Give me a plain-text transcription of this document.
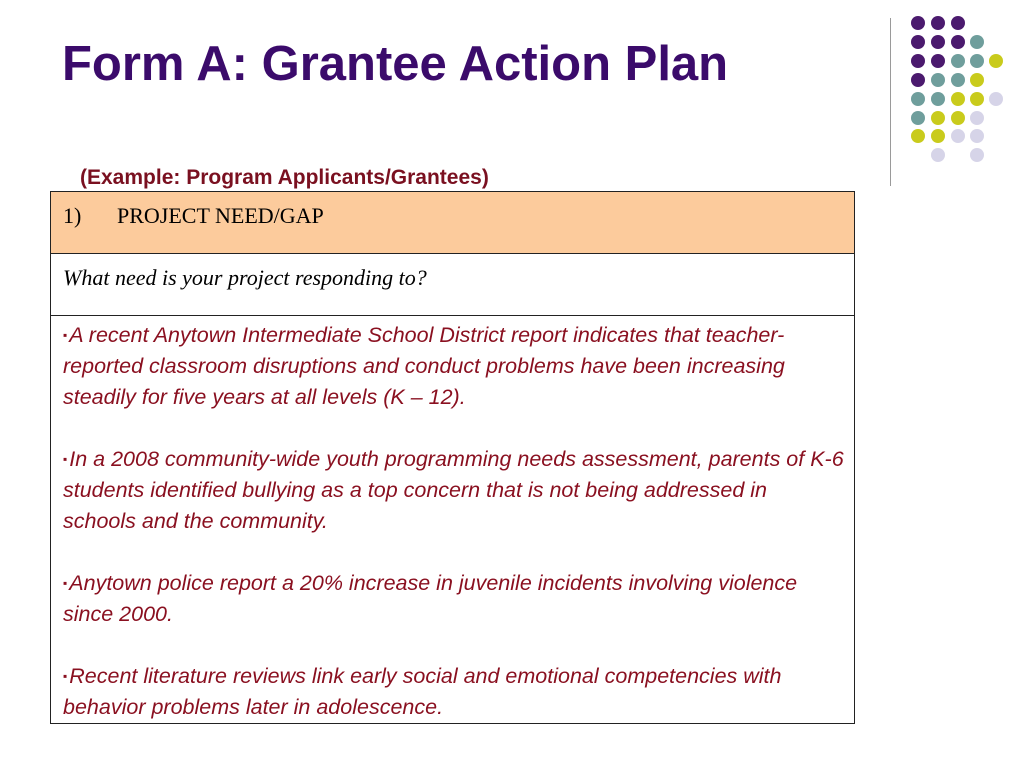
Form A: Grantee Action Plan
(Example: Program Applicants/Grantees)
1)	PROJECT NEED/GAP

What need is your project responding to?

▪A recent Anytown Intermediate School District report indicates that teacher-reported classroom disruptions and conduct problems have been increasing steadily for five years at all levels (K – 12).
▪In a 2008 community-wide youth programming needs assessment, parents of K-6 students identified bullying as a top concern that is not being addressed in schools and the community.
▪Anytown police report a 20% increase in juvenile incidents involving violence since 2000.
▪Recent literature reviews link early social and emotional competencies with behavior problems later in adolescence.
